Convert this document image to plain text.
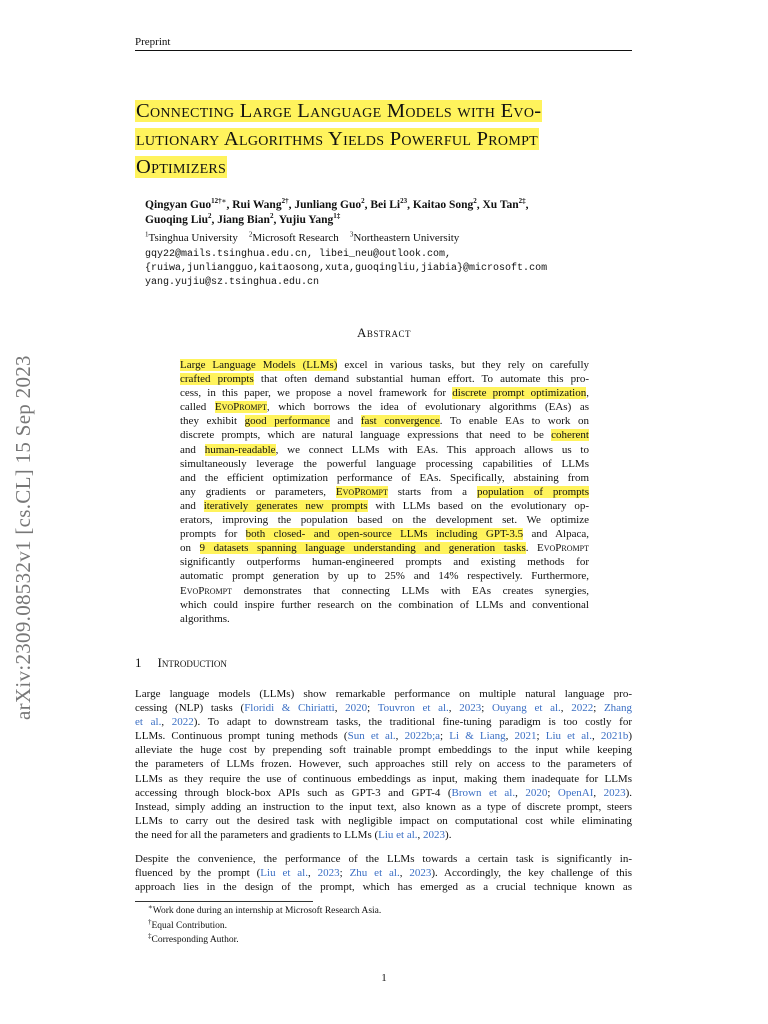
arXiv:2309.08532v1 [cs.CL] 15 Sep 2023
Preprint
Connecting Large Language Models with Evo-
lutionary Algorithms Yields Powerful Prompt
Optimizers
Qingyan Guo$^{12\dagger∗}$, Rui Wang$^{2\dagger}$, Junliang Guo$^2$, Bei Li$^{23}$, Kaitao Song$^2$, Xu Tan$^{2\ddagger}$,
Guoqing Liu$^2$, Jiang Bian$^2$, Yujiu Yang$^{1\ddagger}$
$^1$Tsinghua University $^2$Microsoft Research $^3$Northeastern University
gqy22@mails.tsinghua.edu.cn, libei_neu@outlook.com,
{ruiwa,junliangguo,kaitaosong,xuta,guoqingliu,jiabia}@microsoft.com
yang.yujiu@sz.tsinghua.edu.cn
Abstract
Large Language Models (LLMs) excel in various tasks, but they rely on carefully
crafted prompts that often demand substantial human effort. To automate this pro-
cess, in this paper, we propose a novel framework for discrete prompt optimization,
called EvoPrompt, which borrows the idea of evolutionary algorithms (EAs) as
they exhibit good performance and fast convergence. To enable EAs to work on
discrete prompts, which are natural language expressions that need to be coherent
and human-readable, we connect LLMs with EAs. This approach allows us to
simultaneously leverage the powerful language processing capabilities of LLMs
and the efficient optimization performance of EAs. Specifically, abstaining from
any gradients or parameters, EvoPrompt starts from a population of prompts
and iteratively generates new prompts with LLMs based on the evolutionary op-
erators, improving the population based on the development set. We optimize
prompts for both closed- and open-source LLMs including GPT-3.5 and Alpaca,
on 9 datasets spanning language understanding and generation tasks. EvoPrompt
significantly outperforms human-engineered prompts and existing methods for
automatic prompt generation by up to 25% and 14% respectively. Furthermore,
EvoPrompt demonstrates that connecting LLMs with EAs creates synergies,
which could inspire further research on the combination of LLMs and conventional
algorithms.
1 Introduction
Large language models (LLMs) show remarkable performance on multiple natural language pro-
cessing (NLP) tasks (Floridi & Chiriatti, 2020; Touvron et al., 2023; Ouyang et al., 2022; Zhang
et al., 2022). To adapt to downstream tasks, the traditional fine-tuning paradigm is too costly for
LLMs. Continuous prompt tuning methods (Sun et al., 2022b;a; Li & Liang, 2021; Liu et al., 2021b)
alleviate the huge cost by prepending soft trainable prompt embeddings to the input while keeping
the parameters of LLMs frozen. However, such approaches still rely on access to the parameters of
LLMs as they require the use of continuous embeddings as input, making them inadequate for LLMs
accessing through block-box APIs such as GPT-3 and GPT-4 (Brown et al., 2020; OpenAI, 2023).
Instead, simply adding an instruction to the input text, also known as a type of discrete prompt, steers
LLMs to carry out the desired task with negligible impact on computational cost while eliminating
the need for all the parameters and gradients to LLMs (Liu et al., 2023).
Despite the convenience, the performance of the LLMs towards a certain task is significantly in-
fluenced by the prompt (Liu et al., 2023; Zhu et al., 2023). Accordingly, the key challenge of this
approach lies in the design of the prompt, which has emerged as a crucial technique known as
∗Work done during an internship at Microsoft Research Asia.
†Equal Contribution.
‡Corresponding Author.
1
